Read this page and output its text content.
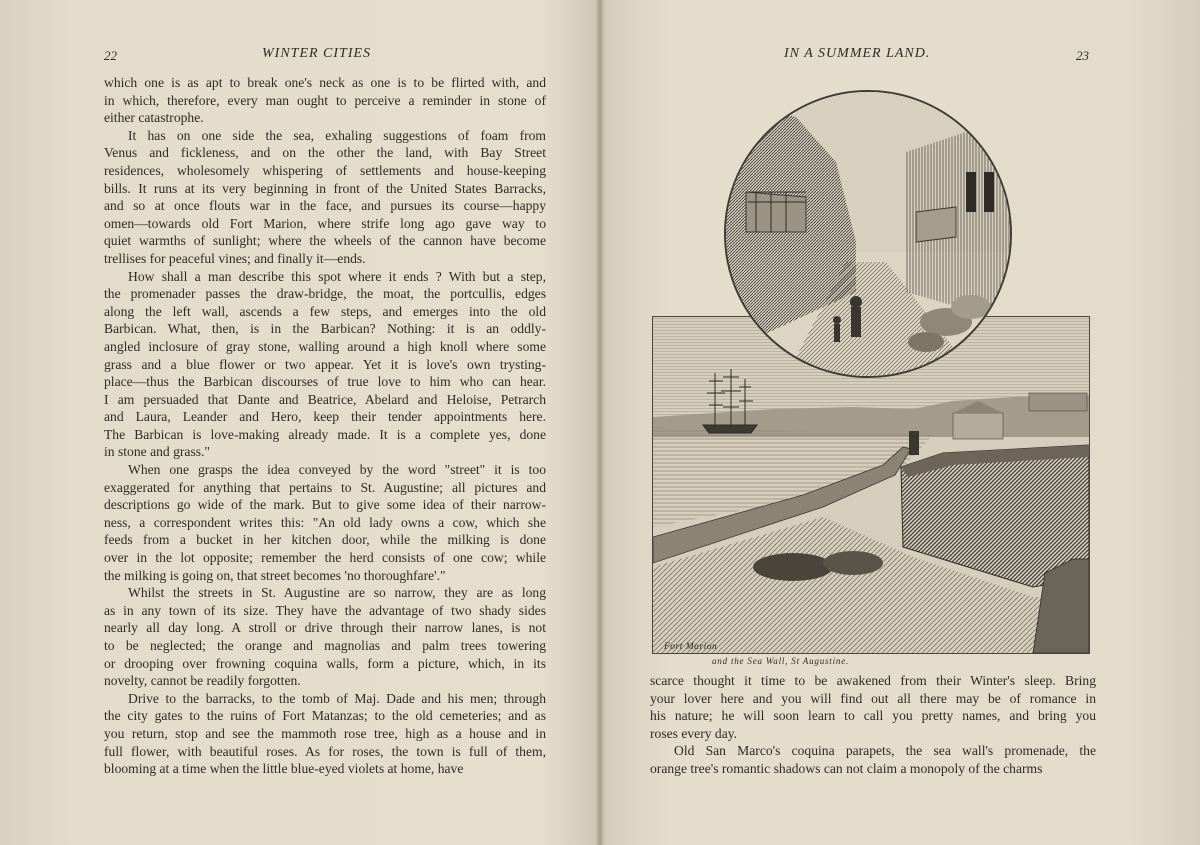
22	WINTER CITIES
which one is as apt to break one's neck as one is to be flirted with, and
in which, therefore, every man ought to perceive a reminder in stone of
either catastrophe.
It has on one side the sea, exhaling suggestions of foam from
Venus and fickleness, and on the other the land, with Bay Street
residences, wholesomely whispering of settlements and house-keeping
bills. It runs at its very beginning in front of the United States Barracks,
and so at once flouts war in the face, and pursues its course—happy
omen—towards old Fort Marion, where strife long ago gave way to
quiet warmths of sunlight; where the wheels of the cannon have become
trellises for peaceful vines; and finally it—ends.
How shall a man describe this spot where it ends ? With but a step,
the promenader passes the draw-bridge, the moat, the portcullis, edges
along the left wall, ascends a few steps, and emerges into the old
Barbican. What, then, is in the Barbican? Nothing: it is an oddly-
angled inclosure of gray stone, walling around a high knoll where some
grass and a blue flower or two appear. Yet it is love's own trysting-
place—thus the Barbican discourses of true love to him who can hear.
I am persuaded that Dante and Beatrice, Abelard and Heloise, Petrarch
and Laura, Leander and Hero, keep their tender appointments here.
The Barbican is love-making already made. It is a complete yes, done
in stone and grass."
When one grasps the idea conveyed by the word "street" it is too
exaggerated for anything that pertains to St. Augustine; all pictures and
descriptions go wide of the mark. But to give some idea of their narrow-
ness, a correspondent writes this: "An old lady owns a cow, which she
feeds from a bucket in her kitchen door, while the milking is done
over in the lot opposite; remember the herd consists of one cow; while
the milking is going on, that street becomes 'no thoroughfare'."
Whilst the streets in St. Augustine are so narrow, they are as long
as in any town of its size. They have the advantage of two shady sides
nearly all day long. A stroll or drive through their narrow lanes, is not
to be neglected; the orange and magnolias and palm trees towering
or drooping over frowning coquina walls, form a picture, which, in its
novelty, cannot be readily forgotten.
Drive to the barracks, to the tomb of Maj. Dade and his men; through
the city gates to the ruins of Fort Matanzas; to the old cemeteries; and as
you return, stop and see the mammoth rose tree, high as a house and in
full flower, with beautiful roses. As for roses, the town is full of them,
blooming at a time when the little blue-eyed violets at home, have
IN A SUMMER LAND.	23
Fort Marion
and the Sea Wall, St Augustine.
scarce thought it time to be awakened from their Winter's sleep. Bring
your lover here and you will find out all there may be of romance in
his nature; he will soon learn to call you pretty names, and bring you
roses every day.
Old San Marco's coquina parapets, the sea wall's promenade, the
orange tree's romantic shadows can not claim a monopoly of the charms
